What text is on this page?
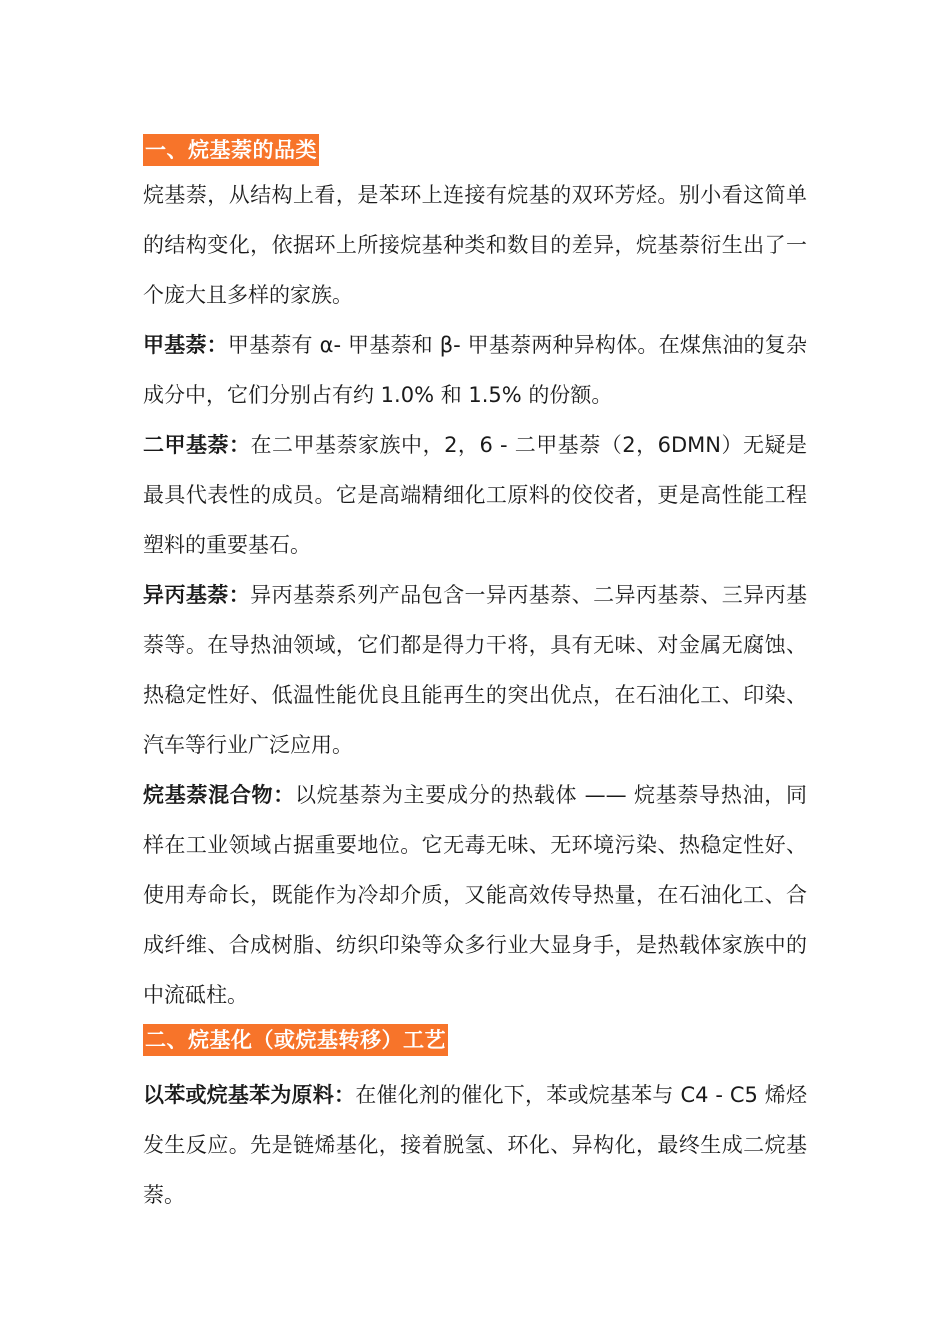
一、烷基萘的品类

烷基萘，从结构上看，是苯环上连接有烷基的双环芳烃。别小看这简单的结构变化，依据环上所接烷基种类和数目的差异，烷基萘衍生出了一个庞大且多样的家族。

甲基萘：甲基萘有 α- 甲基萘和 β- 甲基萘两种异构体。在煤焦油的复杂成分中，它们分别占有约 1.0% 和 1.5% 的份额。

二甲基萘：在二甲基萘家族中，2，6 - 二甲基萘（2，6DMN）无疑是最具代表性的成员。它是高端精细化工原料的佼佼者，更是高性能工程塑料的重要基石。

异丙基萘：异丙基萘系列产品包含一异丙基萘、二异丙基萘、三异丙基萘等。在导热油领域，它们都是得力干将，具有无味、对金属无腐蚀、热稳定性好、低温性能优良且能再生的突出优点，在石油化工、印染、汽车等行业广泛应用。

烷基萘混合物：以烷基萘为主要成分的热载体 —— 烷基萘导热油，同样在工业领域占据重要地位。它无毒无味、无环境污染、热稳定性好、使用寿命长，既能作为冷却介质，又能高效传导热量，在石油化工、合成纤维、合成树脂、纺织印染等众多行业大显身手，是热载体家族中的中流砥柱。

二、烷基化（或烷基转移）工艺

以苯或烷基苯为原料：在催化剂的催化下，苯或烷基苯与 C4 - C5 烯烃发生反应。先是链烯基化，接着脱氢、环化、异构化，最终生成二烷基萘。
